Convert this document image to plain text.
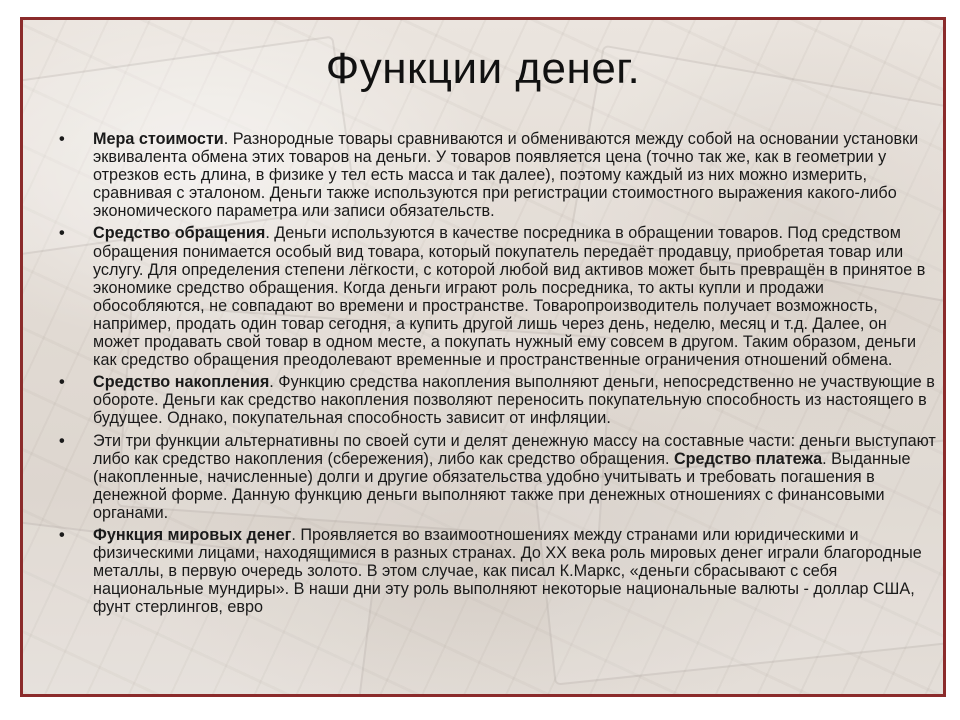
Функции денег.
• Мера стоимости. Разнородные товары сравниваются и обмениваются между собой на основании установки эквивалента обмена этих товаров на деньги. У товаров появляется цена (точно так же, как в геометрии у отрезков есть длина, в физике у тел есть масса и так далее), поэтому каждый из них можно измерить, сравнивая с эталоном. Деньги также используются при регистрации стоимостного выражения какого-либо экономического параметра или записи обязательств.
• Средство обращения. Деньги используются в качестве посредника в обращении товаров. Под средством обращения понимается особый вид товара, который покупатель передаёт продавцу, приобретая товар или услугу. Для определения степени лёгкости, с которой любой вид активов может быть превращён в принятое в экономике средство обращения. Когда деньги играют роль посредника, то акты купли и продажи обособляются, не совпадают во времени и пространстве. Товаропроизводитель получает возможность, например, продать один товар сегодня, а купить другой лишь через день, неделю, месяц и т.д. Далее, он может продавать свой товар в одном месте, а покупать нужный ему совсем в другом. Таким образом, деньги как средство обращения преодолевают временные и пространственные ограничения отношений обмена.
• Средство накопления. Функцию средства накопления выполняют деньги, непосредственно не участвующие в обороте. Деньги как средство накопления позволяют переносить покупательную способность из настоящего в будущее. Однако, покупательная способность зависит от инфляции.
• Эти три функции альтернативны по своей сути и делят денежную массу на составные части: деньги выступают либо как средство накопления (сбережения), либо как средство обращения. Средство платежа. Выданные (накопленные, начисленные) долги и другие обязательства удобно учитывать и требовать погашения в денежной форме. Данную функцию деньги выполняют также при денежных отношениях с финансовыми органами.
• Функция мировых денег. Проявляется во взаимоотношениях между странами или юридическими и физическими лицами, находящимися в разных странах. До XX века роль мировых денег играли благородные металлы, в первую очередь золото. В этом случае, как писал К.Маркс, «деньги сбрасывают с себя национальные мундиры». В наши дни эту роль выполняют некоторые национальные валюты - доллар США, фунт стерлингов, евро
